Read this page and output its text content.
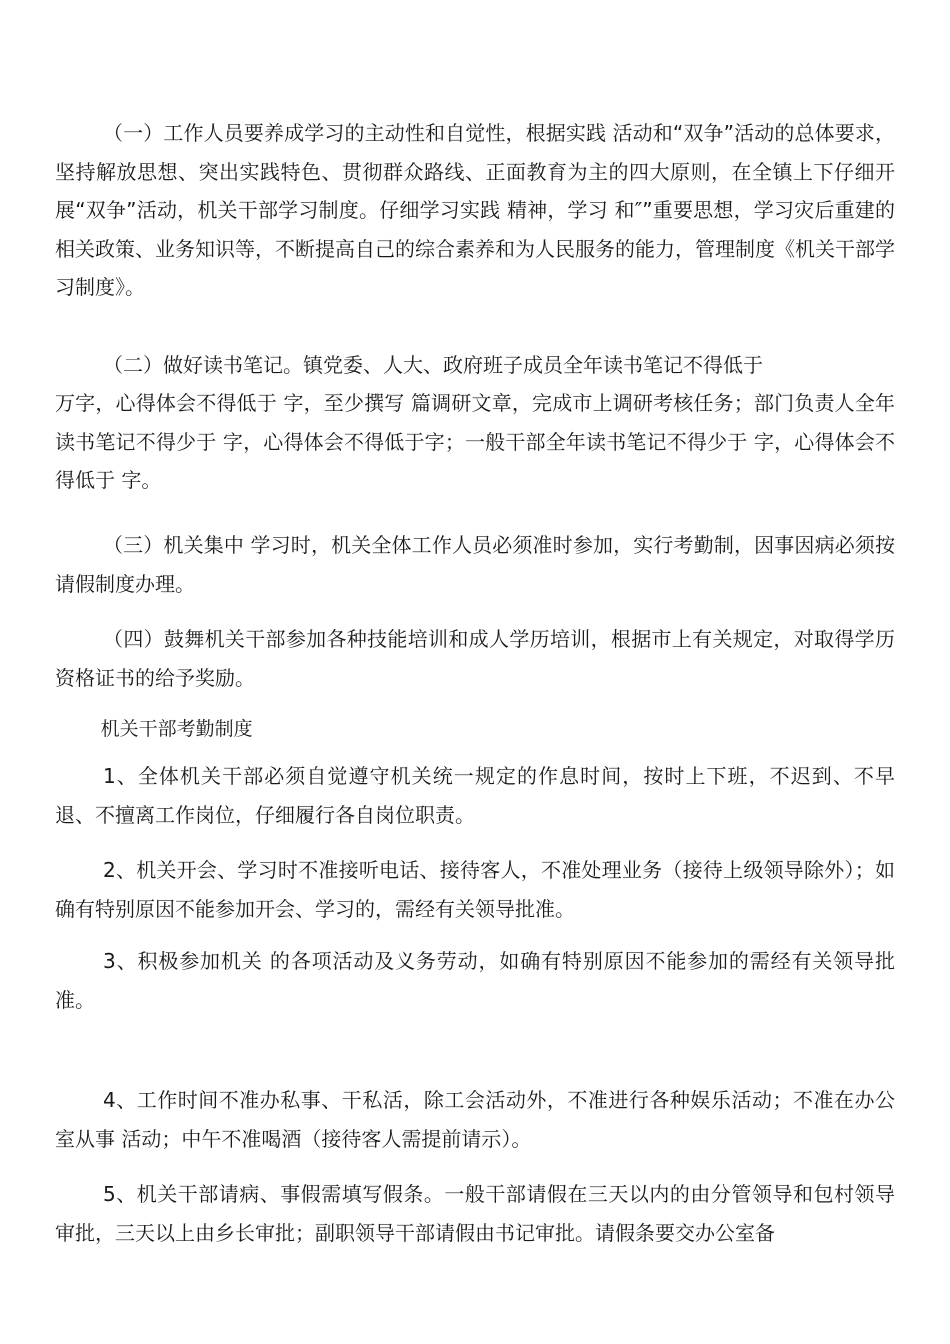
（一）工作人员要养成学习的主动性和自觉性，根据实践 活动和“双争”活动的总体要求，坚持解放思想、突出实践特色、贯彻群众路线、正面教育为主的四大原则，在全镇上下仔细开展“双争”活动，机关干部学习制度。仔细学习实践 精神，学习 和″”重要思想，学习灾后重建的相关政策、业务知识等，不断提高自己的综合素养和为人民服务的能力，管理制度《机关干部学习制度》。

（二）做好读书笔记。镇党委、人大、政府班子成员全年读书笔记不得低于

万字，心得体会不得低于 字，至少撰写 篇调研文章，完成市上调研考核任务；部门负责人全年读书笔记不得少于 字，心得体会不得低于字；一般干部全年读书笔记不得少于 字，心得体会不得低于 字。

（三）机关集中 学习时，机关全体工作人员必须准时参加，实行考勤制，因事因病必须按请假制度办理。

（四）鼓舞机关干部参加各种技能培训和成人学历培训，根据市上有关规定，对取得学历资格证书的给予奖励。

机关干部考勤制度

1、全体机关干部必须自觉遵守机关统一规定的作息时间，按时上下班，不迟到、不早退、不擅离工作岗位，仔细履行各自岗位职责。

2、机关开会、学习时不准接听电话、接待客人，不准处理业务（接待上级领导除外）；如确有特别原因不能参加开会、学习的，需经有关领导批准。

3、积极参加机关 的各项活动及义务劳动，如确有特别原因不能参加的需经有关领导批准。

4、工作时间不准办私事、干私活，除工会活动外，不准进行各种娱乐活动；不准在办公室从事 活动；中午不准喝酒（接待客人需提前请示）。

5、机关干部请病、事假需填写假条。一般干部请假在三天以内的由分管领导和包村领导审批，三天以上由乡长审批；副职领导干部请假由书记审批。请假条要交办公室备
